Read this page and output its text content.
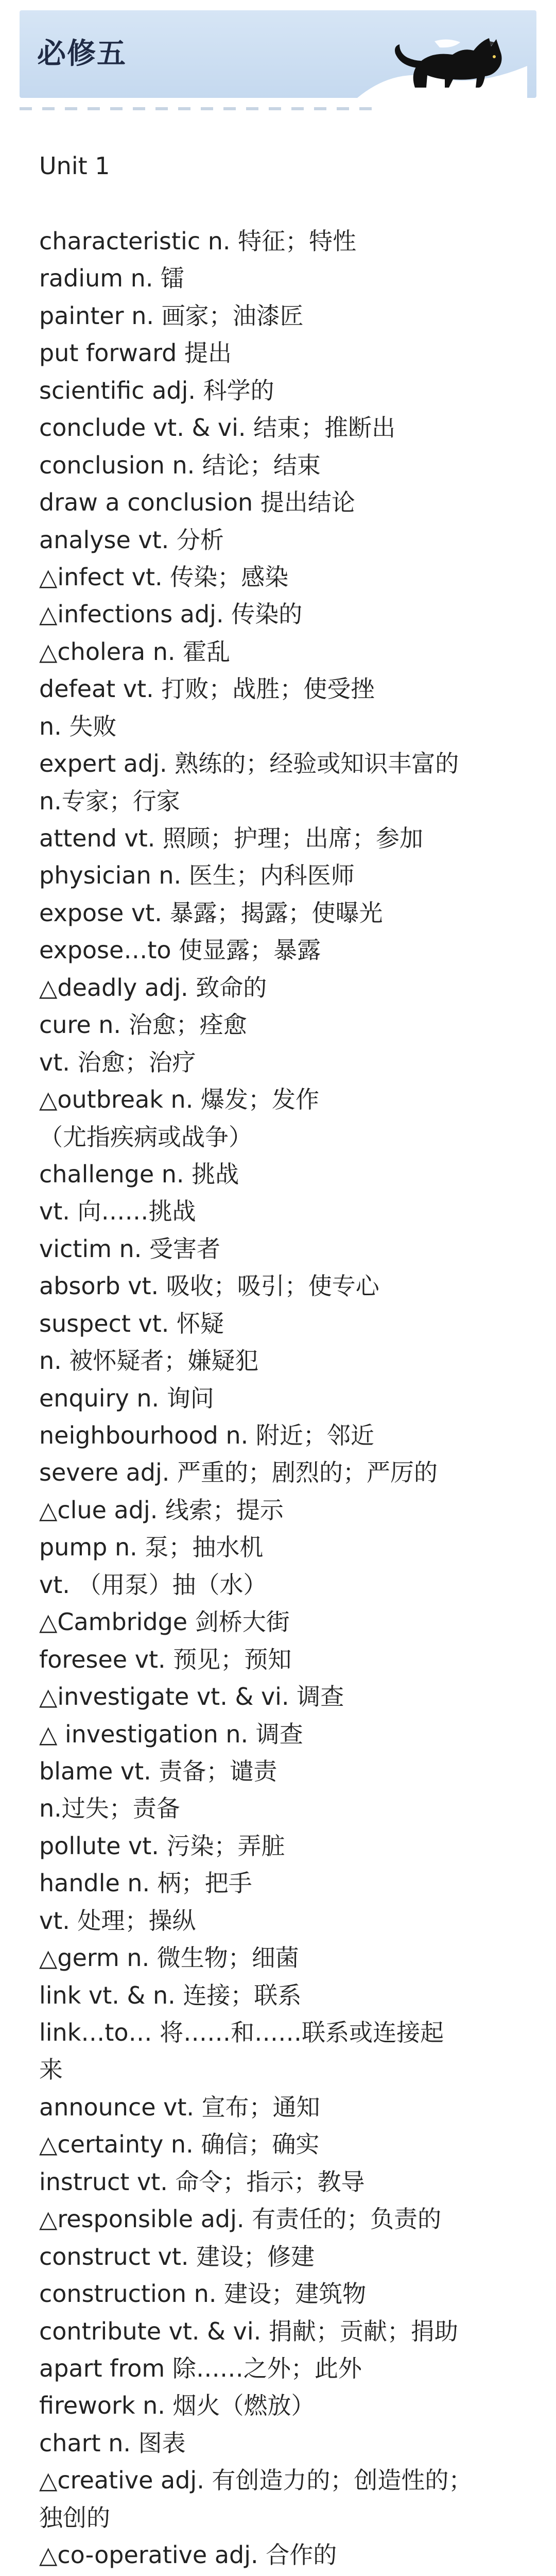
必修五
Unit 1
characteristic n. 特征；特性
radium n. 镭
painter n. 画家；油漆匠
put forward 提出
scientific adj. 科学的
conclude vt. & vi. 结束；推断出
conclusion n. 结论；结束
draw a conclusion 提出结论
analyse vt. 分析
△infect vt. 传染；感染
△infections adj. 传染的
△cholera n. 霍乱
defeat vt. 打败；战胜；使受挫
n. 失败
expert adj. 熟练的；经验或知识丰富的
n.专家；行家
attend vt. 照顾；护理；出席；参加
physician n. 医生；内科医师
expose vt. 暴露；揭露；使曝光
expose…to 使显露；暴露
△deadly adj. 致命的
cure n. 治愈；痊愈
vt. 治愈；治疗
△outbreak n. 爆发；发作
（尤指疾病或战争）
challenge n. 挑战
vt. 向……挑战
victim n. 受害者
absorb vt. 吸收；吸引；使专心
suspect vt. 怀疑
n. 被怀疑者；嫌疑犯
enquiry n. 询问
neighbourhood n. 附近；邻近
severe adj. 严重的；剧烈的；严厉的
△clue adj. 线索；提示
pump n. 泵；抽水机
vt. （用泵）抽（水）
△Cambridge 剑桥大街
foresee vt. 预见；预知
△investigate vt. & vi. 调查
△ investigation n. 调查
blame vt. 责备；谴责
n.过失；责备
pollute vt. 污染；弄脏
handle n. 柄；把手
vt. 处理；操纵
△germ n. 微生物；细菌
link vt. & n. 连接；联系
link…to… 将……和……联系或连接起
来
announce vt. 宣布；通知
△certainty n. 确信；确实
instruct vt. 命令；指示；教导
△responsible adj. 有责任的；负责的
construct vt. 建设；修建
construction n. 建设；建筑物
contribute vt. & vi. 捐献；贡献；捐助
apart from 除……之外；此外
firework n. 烟火（燃放）
chart n. 图表
△creative adj. 有创造力的；创造性的；
独创的
△co-operative adj. 合作的
